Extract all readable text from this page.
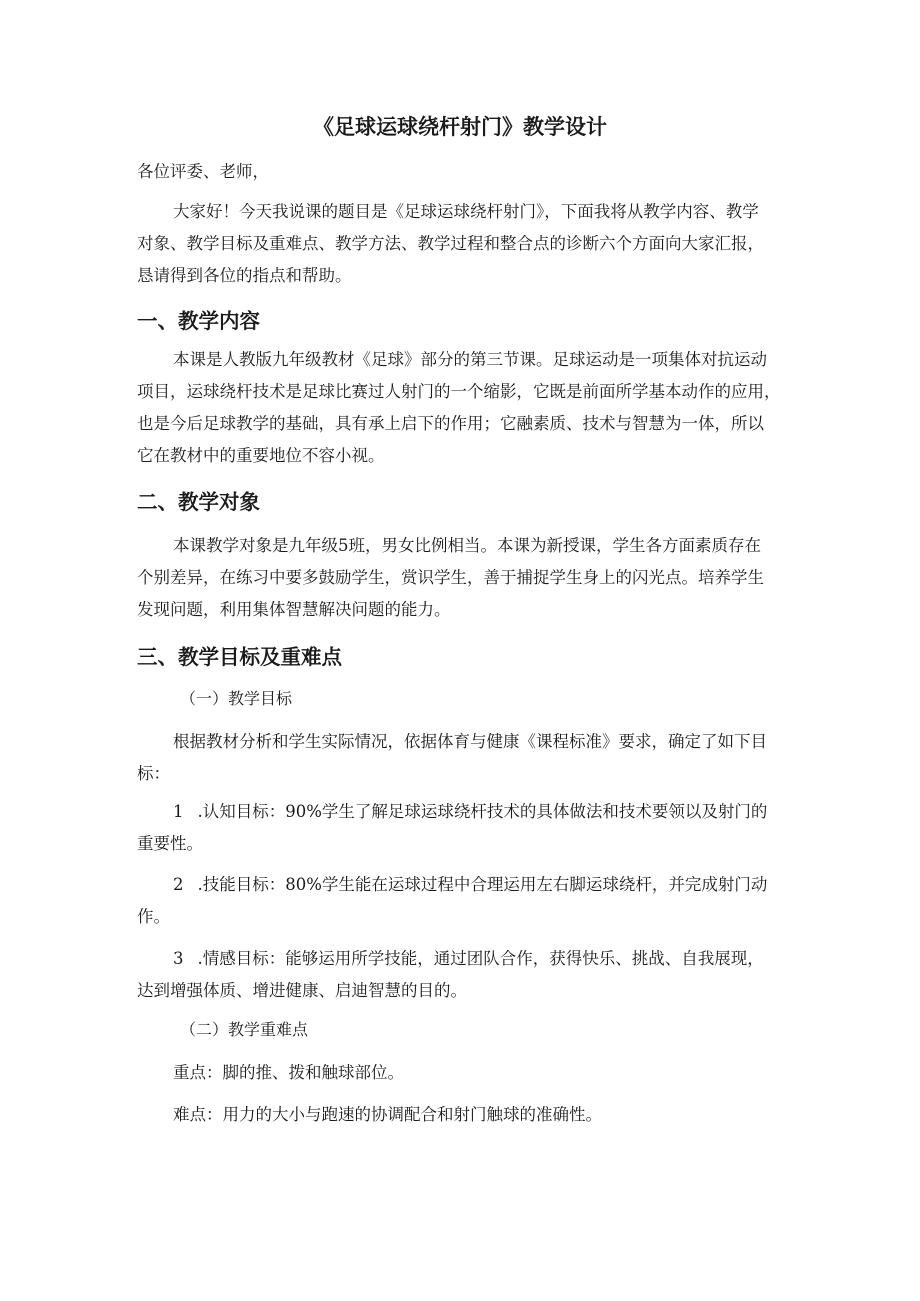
《足球运球绕杆射门》教学设计

各位评委、老师，

大家好！今天我说课的题目是《足球运球绕杆射门》，下面我将从教学内容、教学
对象、教学目标及重难点、教学方法、教学过程和整合点的诊断六个方面向大家汇报，
恳请得到各位的指点和帮助。
一、教学内容
本课是人教版九年级教材《足球》部分的第三节课。足球运动是一项集体对抗运动
项目，运球绕杆技术是足球比赛过人射门的一个缩影，它既是前面所学基本动作的应用，
也是今后足球教学的基础，具有承上启下的作用；它融素质、技术与智慧为一体，所以
它在教材中的重要地位不容小视。
二、教学对象
本课教学对象是九年级5班，男女比例相当。本课为新授课，学生各方面素质存在
个别差异，在练习中要多鼓励学生，赏识学生，善于捕捉学生身上的闪光点。培养学生
发现问题，利用集体智慧解决问题的能力。
三、教学目标及重难点

（一）教学目标

根据教材分析和学生实际情况，依据体育与健康《课程标准》要求，确定了如下目
标：
1 .认知目标：90%学生了解足球运球绕杆技术的具体做法和技术要领以及射门的
重要性。
2 .技能目标：80%学生能在运球过程中合理运用左右脚运球绕杆，并完成射门动
作。
3 .情感目标：能够运用所学技能，通过团队合作，获得快乐、挑战、自我展现，
达到增强体质、增进健康、启迪智慧的目的。

（二）教学重难点

重点：脚的推、拨和触球部位。

难点：用力的大小与跑速的协调配合和射门触球的准确性。
